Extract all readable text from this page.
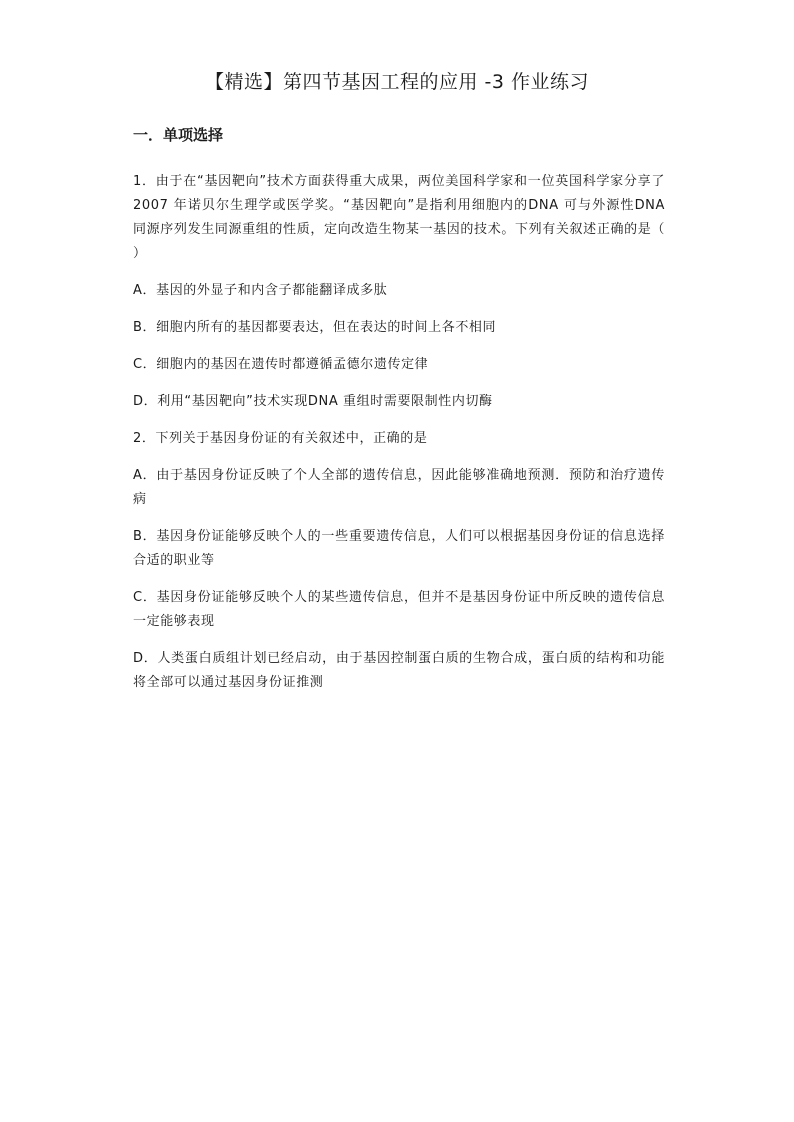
【精选】第四节基因工程的应用 -3 作业练习
一．单项选择

1．由于在“基因靶向”技术方面获得重大成果，两位美国科学家和一位英国科学家分享了 2007 年诺贝尔生理学或医学奖。“基因靶向”是指利用细胞内的DNA 可与外源性DNA 同源序列发生同源重组的性质，定向改造生物某一基因的技术。下列有关叙述正确的是（ ）

A．基因的外显子和内含子都能翻译成多肽

B．细胞内所有的基因都要表达，但在表达的时间上各不相同

C．细胞内的基因在遗传时都遵循孟德尔遗传定律

D．利用“基因靶向”技术实现DNA 重组时需要限制性内切酶

2．下列关于基因身份证的有关叙述中，正确的是

A．由于基因身份证反映了个人全部的遗传信息，因此能够准确地预测．预防和治疗遗传病

B．基因身份证能够反映个人的一些重要遗传信息，人们可以根据基因身份证的信息选择合适的职业等

C．基因身份证能够反映个人的某些遗传信息，但并不是基因身份证中所反映的遗传信息一定能够表现

D．人类蛋白质组计划已经启动，由于基因控制蛋白质的生物合成，蛋白质的结构和功能将全部可以通过基因身份证推测
